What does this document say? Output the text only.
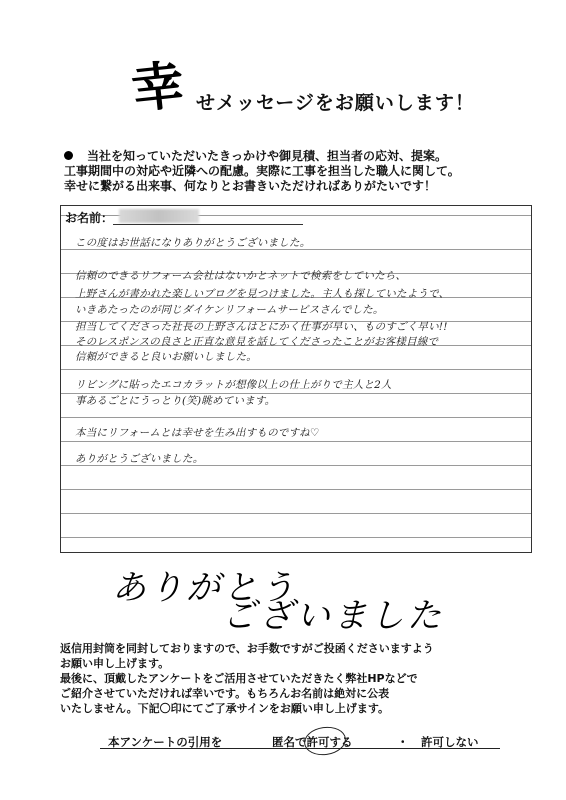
幸 せメッセージをお願いします！
当社を知っていただいたきっかけや御見積、担当者の応対、提案。
工事期間中の対応や近隣への配慮。実際に工事を担当した職人に関して。
幸せに繋がる出来事、何なりとお書きいただければありがたいです！
お名前：
この度はお世話になりありがとうございました。
信頼のできるリフォーム会社はないかとネットで検索をしていたら、
上野さんが書かれた楽しいブログを見つけました。主人も探していたようで、
いきあたったのが同じダイケンリフォームサービスさんでした。
担当してくださった社長の上野さんはとにかく仕事が早い、ものすごく早い!!
そのレスポンスの良さと正直な意見を話してくださったことがお客様目線で
信頼ができると良いお願いしました。
リビングに貼ったエコカラットが想像以上の仕上がりで主人と2人
事あるごとにうっとり(笑)眺めています。
本当にリフォームとは幸せを生み出すものですね♡
ありがとうございました。
ありがとう
ございました
返信用封筒を同封しておりますので、お手数ですがご投函くださいますよう
お願い申し上げます。
最後に、頂戴したアンケートをご活用させていただきたく弊社HPなどで
ご紹介させていただければ幸いです。もちろんお名前は絶対に公表
いたしません。下記〇印にてご了承サインをお願い申し上げます。
本アンケートの引用を	匿名で許可する	・ 許可しない
